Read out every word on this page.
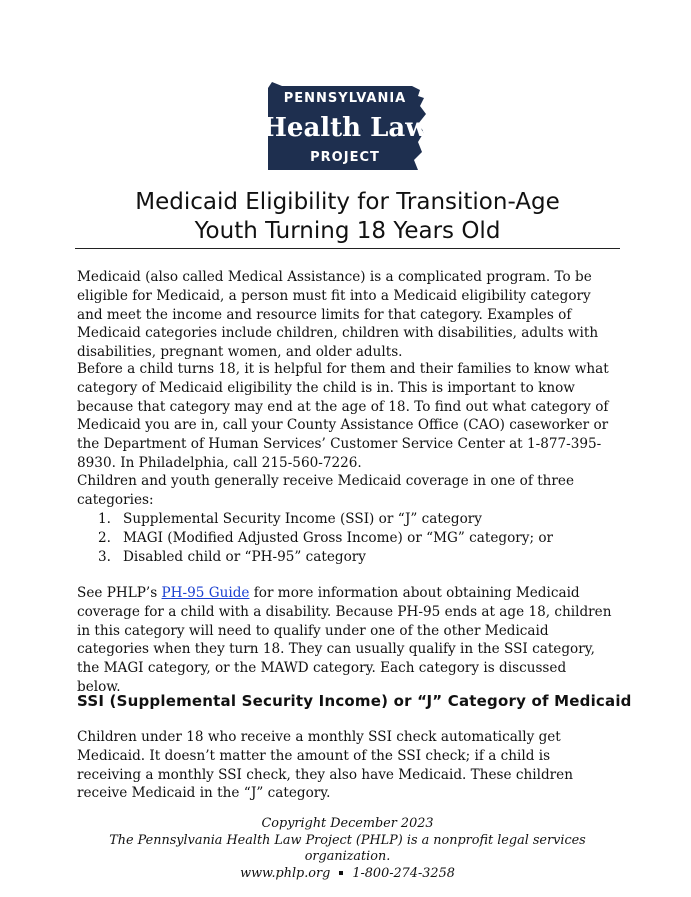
PENNSYLVANIA
Health Law
PROJECT
Medicaid Eligibility for Transition-Age
Youth Turning 18 Years Old

Medicaid (also called Medical Assistance) is a complicated program. To be eligible for Medicaid, a person must fit into a Medicaid eligibility category and meet the income and resource limits for that category. Examples of Medicaid categories include children, children with disabilities, adults with disabilities, pregnant women, and older adults.

Before a child turns 18, it is helpful for them and their families to know what category of Medicaid eligibility the child is in. This is important to know because that category may end at the age of 18. To find out what category of Medicaid you are in, call your County Assistance Office (CAO) caseworker or the Department of Human Services’ Customer Service Center at 1-877-395-8930. In Philadelphia, call 215-560-7226.

Children and youth generally receive Medicaid coverage in one of three categories:

1. Supplemental Security Income (SSI) or “J” category
2. MAGI (Modified Adjusted Gross Income) or “MG” category; or
3. Disabled child or “PH-95” category

See PHLP’s PH-95 Guide for more information about obtaining Medicaid coverage for a child with a disability. Because PH-95 ends at age 18, children in this category will need to qualify under one of the other Medicaid categories when they turn 18. They can usually qualify in the SSI category, the MAGI category, or the MAWD category. Each category is discussed below.

SSI (Supplemental Security Income) or “J” Category of Medicaid

Children under 18 who receive a monthly SSI check automatically get Medicaid. It doesn’t matter the amount of the SSI check; if a child is receiving a monthly SSI check, they also have Medicaid. These children receive Medicaid in the “J” category.

Copyright December 2023
The Pennsylvania Health Law Project (PHLP) is a nonprofit legal services organization.
www.phlp.org 1-800-274-3258
